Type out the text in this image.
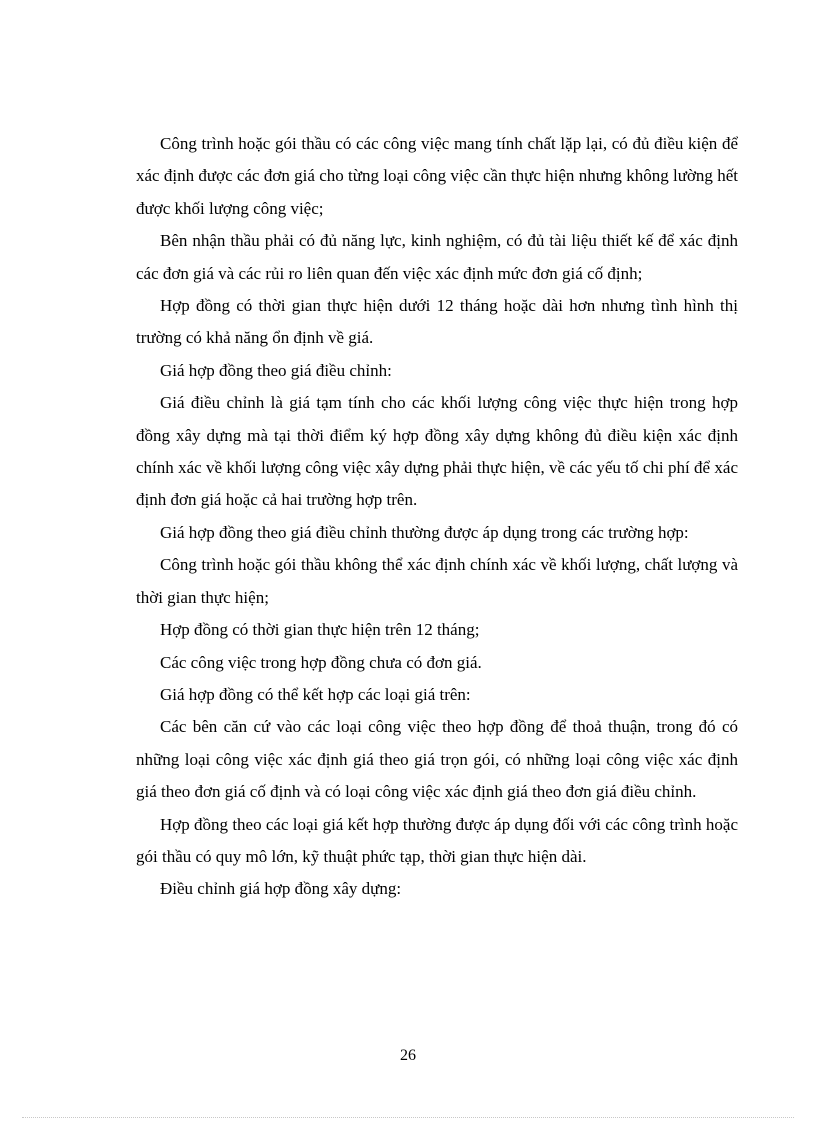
Công trình hoặc gói thầu có các công việc mang tính chất lặp lại, có đủ điều kiện để xác định được các đơn giá cho từng loại công việc cần thực hiện nhưng không lường hết được khối lượng công việc;

Bên nhận thầu phải có đủ năng lực, kinh nghiệm, có đủ tài liệu thiết kế để xác định các đơn giá và các rủi ro liên quan đến việc xác định mức đơn giá cố định;

Hợp đồng có thời gian thực hiện dưới 12 tháng hoặc dài hơn nhưng tình hình thị trường có khả năng ổn định về giá.

Giá hợp đồng theo giá điều chỉnh:

Giá điều chỉnh là giá tạm tính cho các khối lượng công việc thực hiện trong hợp đồng xây dựng mà tại thời điểm ký hợp đồng xây dựng không đủ điều kiện xác định chính xác về khối lượng công việc xây dựng phải thực hiện, về các yếu tố chi phí để xác định đơn giá hoặc cả hai trường hợp trên.

Giá hợp đồng theo giá điều chỉnh thường được áp dụng trong các trường hợp:

Công trình hoặc gói thầu không thể xác định chính xác về khối lượng, chất lượng và thời gian thực hiện;

Hợp đồng có thời gian thực hiện trên 12 tháng;

Các công việc trong hợp đồng chưa có đơn giá.

Giá hợp đồng có thể kết hợp các loại giá trên:

Các bên căn cứ vào các loại công việc theo hợp đồng để thoả thuận, trong đó có những loại công việc xác định giá theo giá trọn gói, có những loại công việc xác định giá theo đơn giá cố định và có loại công việc xác định giá theo đơn giá điều chỉnh.

Hợp đồng theo các loại giá kết hợp thường được áp dụng đối với các công trình hoặc gói thầu có quy mô lớn, kỹ thuật phức tạp, thời gian thực hiện dài.

Điều chỉnh giá hợp đồng xây dựng:

26
